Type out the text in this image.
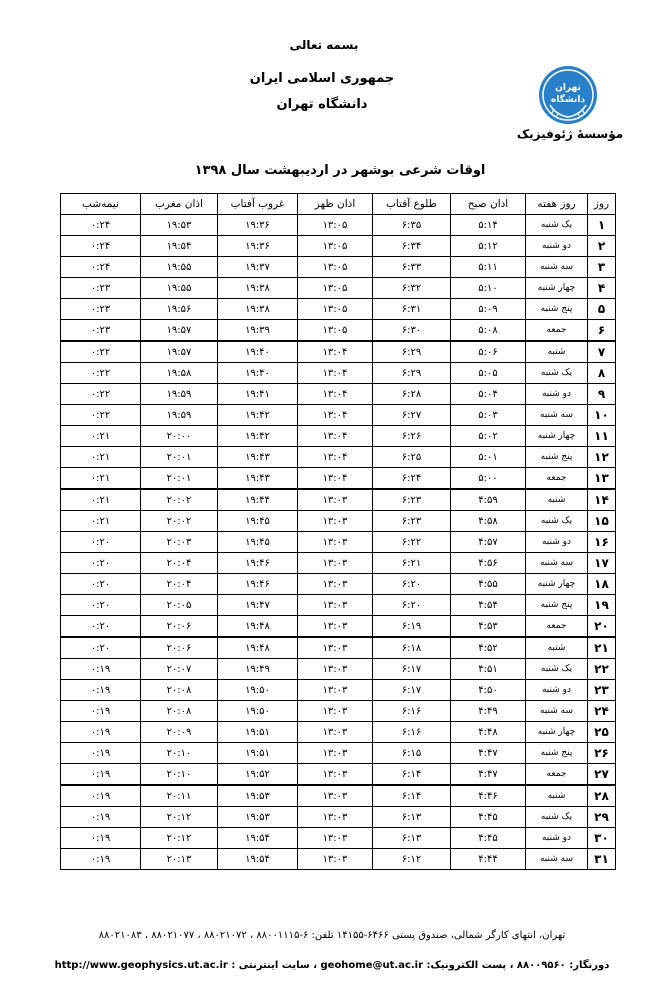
بسمه تعالی
جمهوری اسلامی ایران
دانشگاه تهران
تهران
دانشگاه
مؤسسۀ ژئوفیزیک
اوقات شرعی بوشهر در اردیبهشت سال ۱۳۹۸
روز	روز هفته	اذان صبح	طلوع آفتاب	اذان ظهر	غروب آفتاب	اذان مغرب	نیمه‌شب
۱	یک شنبه	۵:۱۴	۶:۳۵	۱۳:۰۵	۱۹:۳۶	۱۹:۵۳	۰:۲۴
۲	دو شنبه	۵:۱۲	۶:۳۴	۱۳:۰۵	۱۹:۳۶	۱۹:۵۴	۰:۲۴
۳	سه شنبه	۵:۱۱	۶:۳۳	۱۳:۰۵	۱۹:۳۷	۱۹:۵۵	۰:۲۴
۴	چهار شنبه	۵:۱۰	۶:۳۲	۱۳:۰۵	۱۹:۳۸	۱۹:۵۵	۰:۲۳
۵	پنج شنبه	۵:۰۹	۶:۳۱	۱۳:۰۵	۱۹:۳۸	۱۹:۵۶	۰:۲۳
۶	جمعه	۵:۰۸	۶:۳۰	۱۳:۰۵	۱۹:۳۹	۱۹:۵۷	۰:۲۳
۷	شنبه	۵:۰۶	۶:۲۹	۱۳:۰۴	۱۹:۴۰	۱۹:۵۷	۰:۲۲
۸	یک شنبه	۵:۰۵	۶:۲۹	۱۳:۰۴	۱۹:۴۰	۱۹:۵۸	۰:۲۲
۹	دو شنبه	۵:۰۴	۶:۲۸	۱۳:۰۴	۱۹:۴۱	۱۹:۵۹	۰:۲۲
۱۰	سه شنبه	۵:۰۳	۶:۲۷	۱۳:۰۴	۱۹:۴۲	۱۹:۵۹	۰:۲۲
۱۱	چهار شنبه	۵:۰۲	۶:۲۶	۱۳:۰۴	۱۹:۴۲	۲۰:۰۰	۰:۲۱
۱۲	پنج شنبه	۵:۰۱	۶:۲۵	۱۳:۰۴	۱۹:۴۳	۲۰:۰۱	۰:۲۱
۱۳	جمعه	۵:۰۰	۶:۲۴	۱۳:۰۴	۱۹:۴۳	۲۰:۰۱	۰:۲۱
۱۴	شنبه	۴:۵۹	۶:۲۳	۱۳:۰۳	۱۹:۴۴	۲۰:۰۲	۰:۲۱
۱۵	یک شنبه	۴:۵۸	۶:۲۳	۱۳:۰۳	۱۹:۴۵	۲۰:۰۲	۰:۲۱
۱۶	دو شنبه	۴:۵۷	۶:۲۲	۱۳:۰۳	۱۹:۴۵	۲۰:۰۳	۰:۲۰
۱۷	سه شنبه	۴:۵۶	۶:۲۱	۱۳:۰۳	۱۹:۴۶	۲۰:۰۴	۰:۲۰
۱۸	چهار شنبه	۴:۵۵	۶:۲۰	۱۳:۰۳	۱۹:۴۶	۲۰:۰۴	۰:۲۰
۱۹	پنج شنبه	۴:۵۴	۶:۲۰	۱۳:۰۳	۱۹:۴۷	۲۰:۰۵	۰:۲۰
۲۰	جمعه	۴:۵۳	۶:۱۹	۱۳:۰۳	۱۹:۴۸	۲۰:۰۶	۰:۲۰
۲۱	شنبه	۴:۵۲	۶:۱۸	۱۳:۰۳	۱۹:۴۸	۲۰:۰۶	۰:۲۰
۲۲	یک شنبه	۴:۵۱	۶:۱۷	۱۳:۰۳	۱۹:۴۹	۲۰:۰۷	۰:۱۹
۲۳	دو شنبه	۴:۵۰	۶:۱۷	۱۳:۰۳	۱۹:۵۰	۲۰:۰۸	۰:۱۹
۲۴	سه شنبه	۴:۴۹	۶:۱۶	۱۳:۰۳	۱۹:۵۰	۲۰:۰۸	۰:۱۹
۲۵	چهار شنبه	۴:۴۸	۶:۱۶	۱۳:۰۳	۱۹:۵۱	۲۰:۰۹	۰:۱۹
۲۶	پنج شنبه	۴:۴۷	۶:۱۵	۱۳:۰۳	۱۹:۵۱	۲۰:۱۰	۰:۱۹
۲۷	جمعه	۴:۴۷	۶:۱۴	۱۳:۰۳	۱۹:۵۲	۲۰:۱۰	۰:۱۹
۲۸	شنبه	۴:۴۶	۶:۱۴	۱۳:۰۳	۱۹:۵۳	۲۰:۱۱	۰:۱۹
۲۹	یک شنبه	۴:۴۵	۶:۱۳	۱۳:۰۳	۱۹:۵۳	۲۰:۱۲	۰:۱۹
۳۰	دو شنبه	۴:۴۵	۶:۱۳	۱۳:۰۳	۱۹:۵۴	۲۰:۱۲	۰:۱۹
۳۱	سه شنبه	۴:۴۴	۶:۱۲	۱۳:۰۳	۱۹:۵۴	۲۰:۱۳	۰:۱۹
تهران، انتهای کارگر شمالی، صندوق پستی ۶۴۶۶-۱۴۱۵۵ تلفن: ۶-۸۸۰۰۱۱۱۵ ، ۸۸۰۲۱۰۷۲ ، ۸۸۰۲۱۰۷۷ ، ۸۸۰۲۱۰۸۳
دورنگار: ۸۸۰۰۹۵۶۰ ، پست الکترونیک: geohome@ut.ac.ir ، سایت اینترنتی : http://www.geophysics.ut.ac.ir
